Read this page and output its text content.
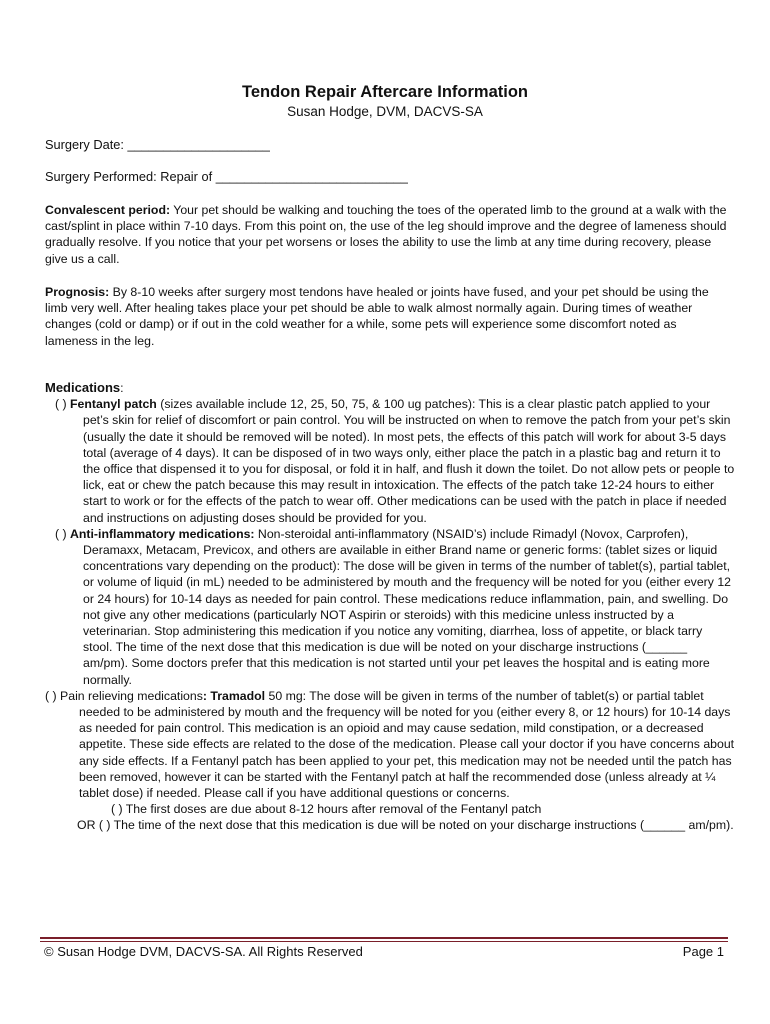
Tendon Repair Aftercare Information
Susan Hodge, DVM, DACVS-SA
Surgery Date: ____________________
Surgery Performed: Repair of ___________________________

Convalescent period: Your pet should be walking and touching the toes of the operated limb to the ground at a walk with the cast/splint in place within 7-10 days. From this point on, the use of the leg should improve and the degree of lameness should gradually resolve. If you notice that your pet worsens or loses the ability to use the limb at any time during recovery, please give us a call.

Prognosis: By 8-10 weeks after surgery most tendons have healed or joints have fused, and your pet should be using the limb very well. After healing takes place your pet should be able to walk almost normally again. During times of weather changes (cold or damp) or if out in the cold weather for a while, some pets will experience some discomfort noted as lameness in the leg.

Medications:

( ) Fentanyl patch (sizes available include 12, 25, 50, 75, & 100 ug patches): This is a clear plastic patch applied to your pet’s skin for relief of discomfort or pain control. You will be instructed on when to remove the patch from your pet’s skin (usually the date it should be removed will be noted). In most pets, the effects of this patch will work for about 3-5 days total (average of 4 days). It can be disposed of in two ways only, either place the patch in a plastic bag and return it to the office that dispensed it to you for disposal, or fold it in half, and flush it down the toilet. Do not allow pets or people to lick, eat or chew the patch because this may result in intoxication. The effects of the patch take 12-24 hours to either start to work or for the effects of the patch to wear off. Other medications can be used with the patch in place if needed and instructions on adjusting doses should be provided for you.

( ) Anti-inflammatory medications: Non-steroidal anti-inflammatory (NSAID’s) include Rimadyl (Novox, Carprofen), Deramaxx, Metacam, Previcox, and others are available in either Brand name or generic forms: (tablet sizes or liquid concentrations vary depending on the product): The dose will be given in terms of the number of tablet(s), partial tablet, or volume of liquid (in mL) needed to be administered by mouth and the frequency will be noted for you (either every 12 or 24 hours) for 10-14 days as needed for pain control. These medications reduce inflammation, pain, and swelling. Do not give any other medications (particularly NOT Aspirin or steroids) with this medicine unless instructed by a veterinarian. Stop administering this medication if you notice any vomiting, diarrhea, loss of appetite, or black tarry stool. The time of the next dose that this medication is due will be noted on your discharge instructions (______ am/pm). Some doctors prefer that this medication is not started until your pet leaves the hospital and is eating more normally.

( ) Pain relieving medications: Tramadol 50 mg: The dose will be given in terms of the number of tablet(s) or partial tablet needed to be administered by mouth and the frequency will be noted for you (either every 8, or 12 hours) for 10-14 days as needed for pain control. This medication is an opioid and may cause sedation, mild constipation, or a decreased appetite. These side effects are related to the dose of the medication. Please call your doctor if you have concerns about any side effects. If a Fentanyl patch has been applied to your pet, this medication may not be needed until the patch has been removed, however it can be started with the Fentanyl patch at half the recommended dose (unless already at ¼ tablet dose) if needed. Please call if you have additional questions or concerns.

( ) The first doses are due about 8-12 hours after removal of the Fentanyl patch

OR ( ) The time of the next dose that this medication is due will be noted on your discharge instructions (______ am/pm).

© Susan Hodge DVM, DACVS-SA. All Rights Reserved	Page 1
